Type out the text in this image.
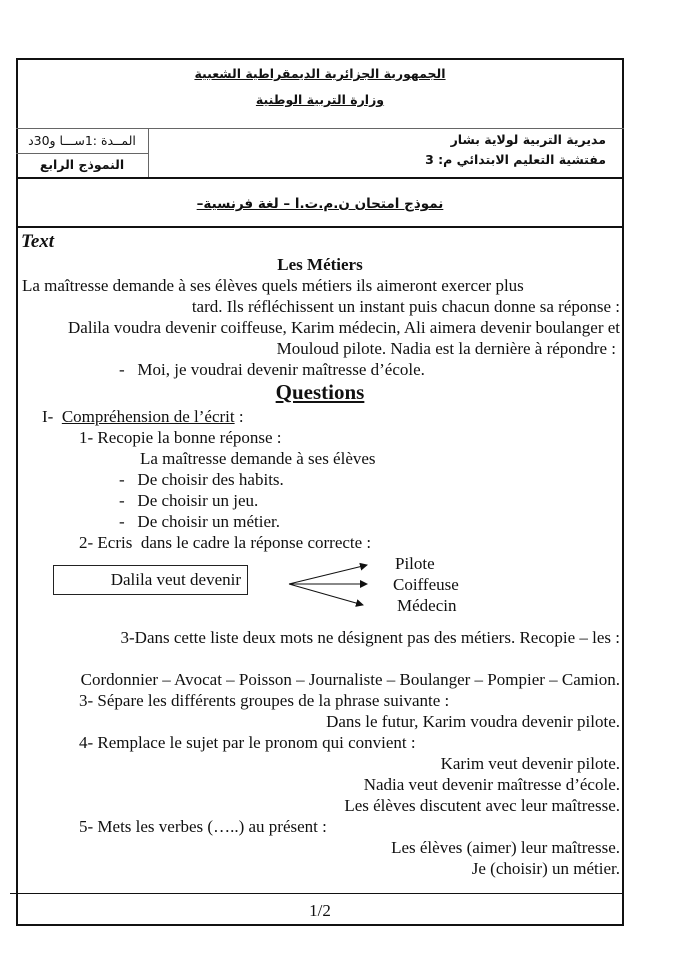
الجمهورية الجزائرية الديمقراطية الشعبية
وزارة التربية الوطنية
مديرية التربية لولاية بشار
مفتشية التعليم الابتدائي م: 3
المــدة :1ســـا و30د
النموذج الرابع
نموذج امتحان ن.م.ت.ا – لغة فرنسية–
Text
Les Métiers
La maîtresse demande à ses élèves quels métiers ils aimeront exercer plus
tard. Ils réfléchissent un instant puis chacun donne sa réponse :
Dalila voudra devenir coiffeuse, Karim médecin, Ali aimera devenir boulanger et
Mouloud pilote. Nadia est la dernière à répondre :
-   Moi, je voudrai devenir maîtresse d’école.
Questions
I- Compréhension de l’écrit :
1- Recopie la bonne réponse :
La maîtresse demande à ses élèves
-   De choisir des habits.
-   De choisir un jeu.
-   De choisir un métier.
2- Ecris  dans le cadre la réponse correcte :
Dalila veut devenir
Pilote
Coiffeuse
Médecin
3-Dans cette liste deux mots ne désignent pas des métiers. Recopie – les :
Cordonnier – Avocat – Poisson – Journaliste – Boulanger – Pompier – Camion.
3- Sépare les différents groupes de la phrase suivante :
Dans le futur, Karim voudra devenir pilote.
4- Remplace le sujet par le pronom qui convient :
Karim veut devenir pilote.
Nadia veut devenir maîtresse d’école.
Les élèves discutent avec leur maîtresse.
5- Mets les verbes (…..) au présent :
Les élèves (aimer) leur maîtresse.
Je (choisir) un métier.
1/2
